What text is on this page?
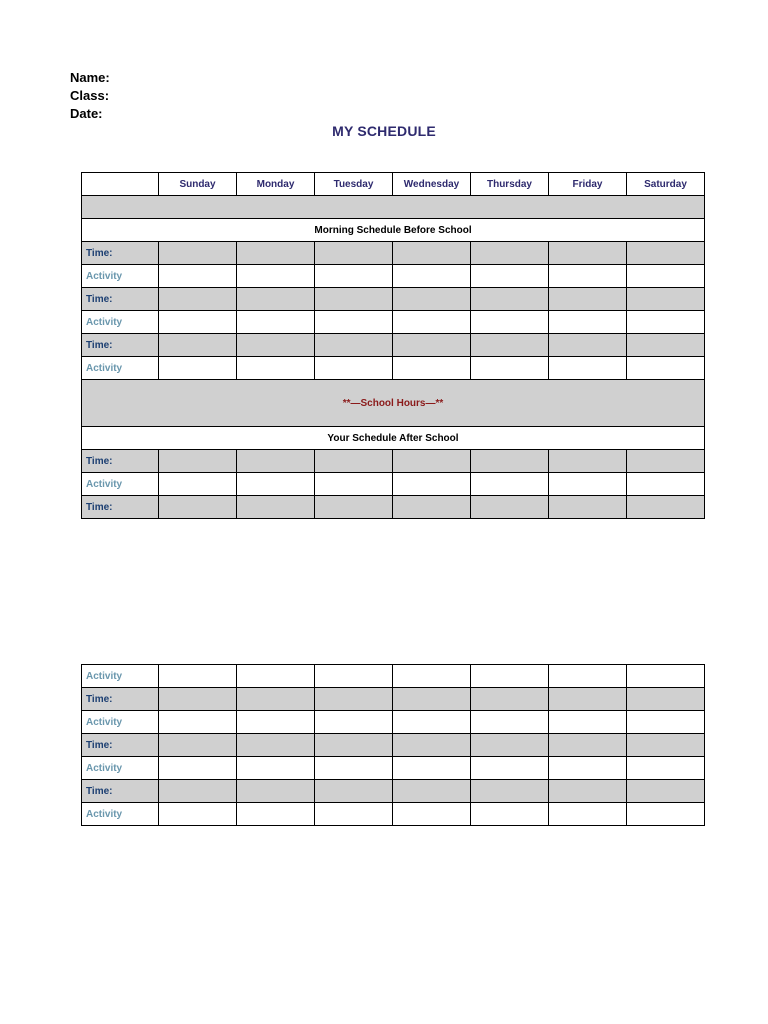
Name:
Class:
Date:
MY SCHEDULE
	Sunday	Monday	Tuesday	Wednesday	Thursday	Friday	Saturday

Morning Schedule Before School							
Time:							
Activity							
Time:							
Activity							
Time:							
Activity							
**—School Hours—**							
Your Schedule After School							
Time:							
Activity							
Time:							
Activity							
Time:							
Activity							
Time:							
Activity							
Time:							
Activity							
